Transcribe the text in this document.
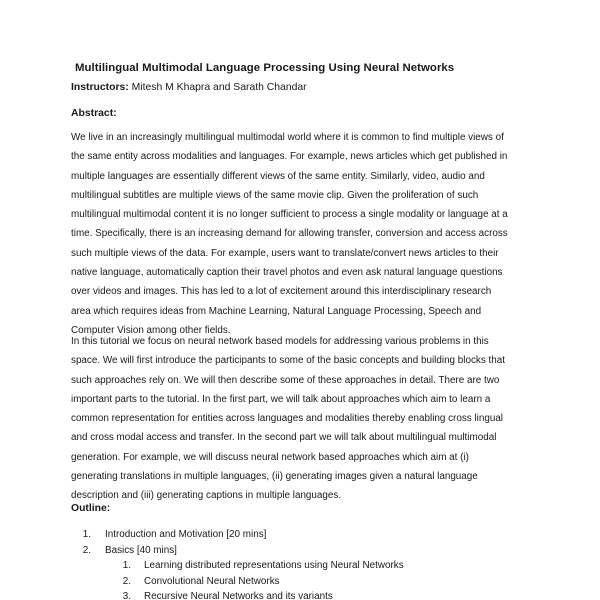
Multilingual Multimodal Language Processing Using Neural Networks
Instructors: Mitesh M Khapra and Sarath Chandar
Abstract:
We live in an increasingly multilingual multimodal world where it is common to find multiple views of
the same entity across modalities and languages. For example, news articles which get published in
multiple languages are essentially different views of the same entity. Similarly, video, audio and
multilingual subtitles are multiple views of the same movie clip. Given the proliferation of such
multilingual multimodal content it is no longer sufficient to process a single modality or language at a
time. Specifically, there is an increasing demand for allowing transfer, conversion and access across
such multiple views of the data. For example, users want to translate/convert news articles to their
native language, automatically caption their travel photos and even ask natural language questions
over videos and images. This has led to a lot of excitement around this interdisciplinary research
area which requires ideas from Machine Learning, Natural Language Processing, Speech and
Computer Vision among other fields.
In this tutorial we focus on neural network based models for addressing various problems in this
space. We will first introduce the participants to some of the basic concepts and building blocks that
such approaches rely on. We will then describe some of these approaches in detail. There are two
important parts to the tutorial. In the first part, we will talk about approaches which aim to learn a
common representation for entities across languages and modalities thereby enabling cross lingual
and cross modal access and transfer. In the second part we will talk about multilingual multimodal
generation. For example, we will discuss neural network based approaches which aim at (i)
generating translations in multiple languages, (ii) generating images given a natural language
description and (iii) generating captions in multiple languages.
Outline:
1. Introduction and Motivation [20 mins]
2. Basics [40 mins]
1. Learning distributed representations using Neural Networks
2. Convolutional Neural Networks
3. Recursive Neural Networks and its variants
